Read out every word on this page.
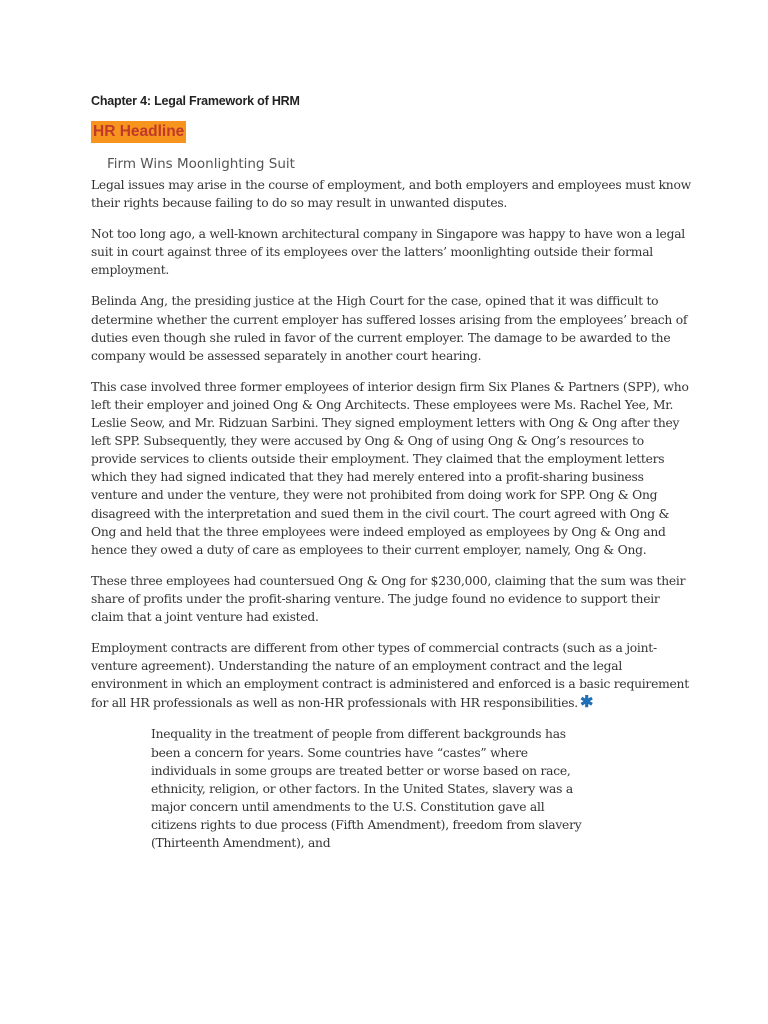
Chapter 4: Legal Framework of HRM
HR Headline
Firm Wins Moonlighting Suit

Legal issues may arise in the course of employment, and both employers and employees must know their rights because failing to do so may result in unwanted disputes.

Not too long ago, a well-known architectural company in Singapore was happy to have won a legal suit in court against three of its employees over the latters’ moonlighting outside their formal employment.

Belinda Ang, the presiding justice at the High Court for the case, opined that it was difficult to determine whether the current employer has suffered losses arising from the employees’ breach of duties even though she ruled in favor of the current employer. The damage to be awarded to the company would be assessed separately in another court hearing.

This case involved three former employees of interior design firm Six Planes & Partners (SPP), who left their employer and joined Ong & Ong Architects. These employees were Ms. Rachel Yee, Mr. Leslie Seow, and Mr. Ridzuan Sarbini. They signed employment letters with Ong & Ong after they left SPP. Subsequently, they were accused by Ong & Ong of using Ong & Ong’s resources to provide services to clients outside their employment. They claimed that the employment letters which they had signed indicated that they had merely entered into a profit-sharing business venture and under the venture, they were not prohibited from doing work for SPP. Ong & Ong disagreed with the interpretation and sued them in the civil court. The court agreed with Ong & Ong and held that the three employees were indeed employed as employees by Ong & Ong and hence they owed a duty of care as employees to their current employer, namely, Ong & Ong.

These three employees had countersued Ong & Ong for $230,000, claiming that the sum was their share of profits under the profit-sharing venture. The judge found no evidence to support their claim that a joint venture had existed.

Employment contracts are different from other types of commercial contracts (such as a joint-venture agreement). Understanding the nature of an employment contract and the legal environment in which an employment contract is administered and enforced is a basic requirement for all HR professionals as well as non-HR professionals with HR responsibilities. ✱

Inequality in the treatment of people from different backgrounds has been a concern for years. Some countries have “castes” where individuals in some groups are treated better or worse based on race, ethnicity, religion, or other factors. In the United States, slavery was a major concern until amendments to the U.S. Constitution gave all citizens rights to due process (Fifth Amendment), freedom from slavery (Thirteenth Amendment), and
